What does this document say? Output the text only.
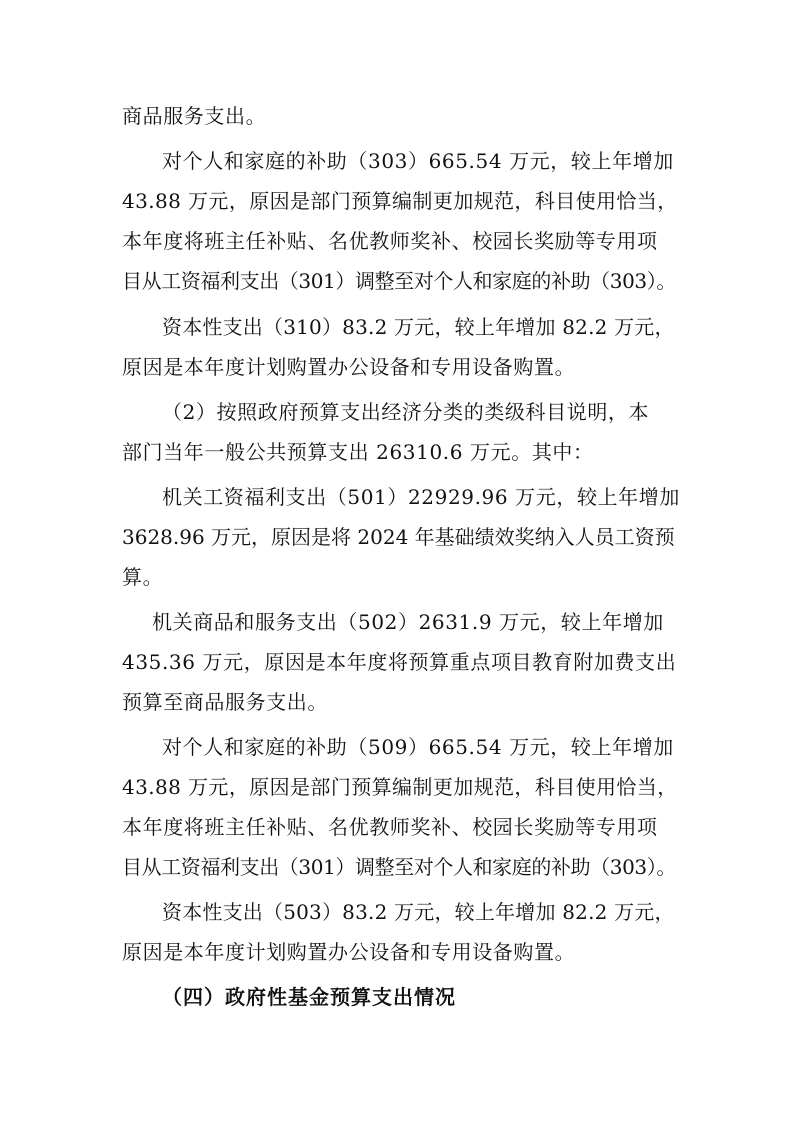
商品服务支出。
对个人和家庭的补助（303）665.54 万元，较上年增加
43.88 万元，原因是部门预算编制更加规范，科目使用恰当，
本年度将班主任补贴、名优教师奖补、校园长奖励等专用项
目从工资福利支出（301）调整至对个人和家庭的补助（303）。
资本性支出（310）83.2 万元，较上年增加 82.2 万元，
原因是本年度计划购置办公设备和专用设备购置。
（2）按照政府预算支出经济分类的类级科目说明，本
部门当年一般公共预算支出 26310.6 万元。其中：
机关工资福利支出（501）22929.96 万元，较上年增加
3628.96 万元，原因是将 2024 年基础绩效奖纳入人员工资预
算。
机关商品和服务支出（502）2631.9 万元，较上年增加
435.36 万元，原因是本年度将预算重点项目教育附加费支出
预算至商品服务支出。
对个人和家庭的补助（509）665.54 万元，较上年增加
43.88 万元，原因是部门预算编制更加规范，科目使用恰当，
本年度将班主任补贴、名优教师奖补、校园长奖励等专用项
目从工资福利支出（301）调整至对个人和家庭的补助（303）。
资本性支出（503）83.2 万元，较上年增加 82.2 万元，
原因是本年度计划购置办公设备和专用设备购置。
（四）政府性基金预算支出情况
